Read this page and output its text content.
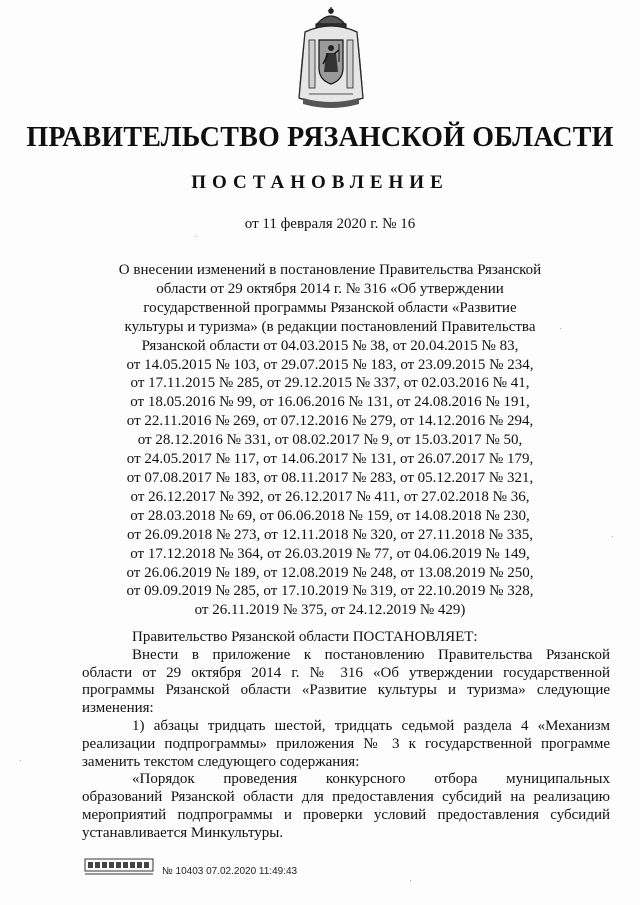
ПРАВИТЕЛЬСТВО РЯЗАНСКОЙ ОБЛАСТИ
ПОСТАНОВЛЕНИЕ
от 11 февраля 2020 г. № 16
О внесении изменений в постановление Правительства Рязанской
области от 29 октября 2014 г. № 316 «Об утверждении
государственной программы Рязанской области «Развитие
культуры и туризма» (в редакции постановлений Правительства
Рязанской области от 04.03.2015 № 38, от 20.04.2015 № 83,
от 14.05.2015 № 103, от 29.07.2015 № 183, от 23.09.2015 № 234,
от 17.11.2015 № 285, от 29.12.2015 № 337, от 02.03.2016 № 41,
от 18.05.2016 № 99, от 16.06.2016 № 131, от 24.08.2016 № 191,
от 22.11.2016 № 269, от 07.12.2016 № 279, от 14.12.2016 № 294,
от 28.12.2016 № 331, от 08.02.2017 № 9, от 15.03.2017 № 50,
от 24.05.2017 № 117, от 14.06.2017 № 131, от 26.07.2017 № 179,
от 07.08.2017 № 183, от 08.11.2017 № 283, от 05.12.2017 № 321,
от 26.12.2017 № 392, от 26.12.2017 № 411, от 27.02.2018 № 36,
от 28.03.2018 № 69, от 06.06.2018 № 159, от 14.08.2018 № 230,
от 26.09.2018 № 273, от 12.11.2018 № 320, от 27.11.2018 № 335,
от 17.12.2018 № 364, от 26.03.2019 № 77, от 04.06.2019 № 149,
от 26.06.2019 № 189, от 12.08.2019 № 248, от 13.08.2019 № 250,
от 09.09.2019 № 285, от 17.10.2019 № 319, от 22.10.2019 № 328,
от 26.11.2019 № 375, от 24.12.2019 № 429)
Правительство Рязанской области ПОСТАНОВЛЯЕТ:
Внести в приложение к постановлению Правительства Рязанской
области от 29 октября 2014 г. № 316 «Об утверждении государственной
программы Рязанской области «Развитие культуры и туризма» следующие
изменения:
1) абзацы тридцать шестой, тридцать седьмой раздела 4 «Механизм
реализации подпрограммы» приложения № 3 к государственной программе
заменить текстом следующего содержания:
«Порядок проведения конкурсного отбора муниципальных
образований Рязанской области для предоставления субсидий на реализацию
мероприятий подпрограммы и проверки условий предоставления субсидий
устанавливается Минкультуры.
№ 10403 07.02.2020 11:49:43
